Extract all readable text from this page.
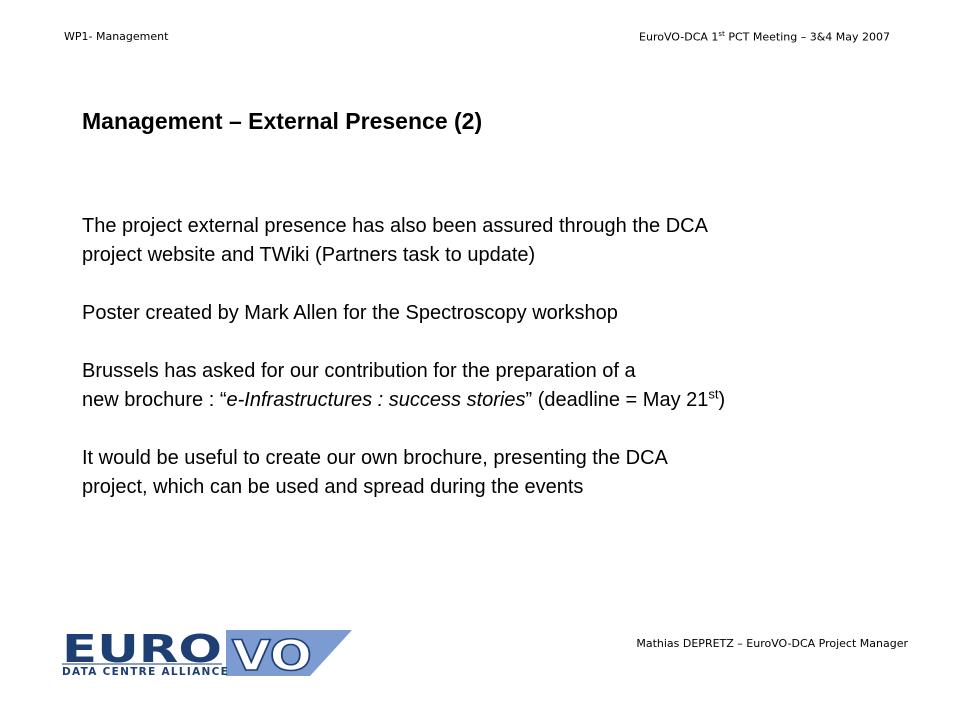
WP1- Management	EuroVO-DCA 1st PCT Meeting – 3&4 May 2007
Management – External Presence (2)
The project external presence has also been assured through the DCA
project website and TWiki (Partners task to update)
Poster created by Mark Allen for the Spectroscopy workshop
Brussels has asked for our contribution for the preparation of a
new brochure : “e-Infrastructures : success stories” (deadline = May 21st)
It would be useful to create our own brochure, presenting the DCA
project, which can be used and spread during the events
EURO VO
DATA CENTRE ALLIANCE
Mathias DEPRETZ – EuroVO-DCA Project Manager
